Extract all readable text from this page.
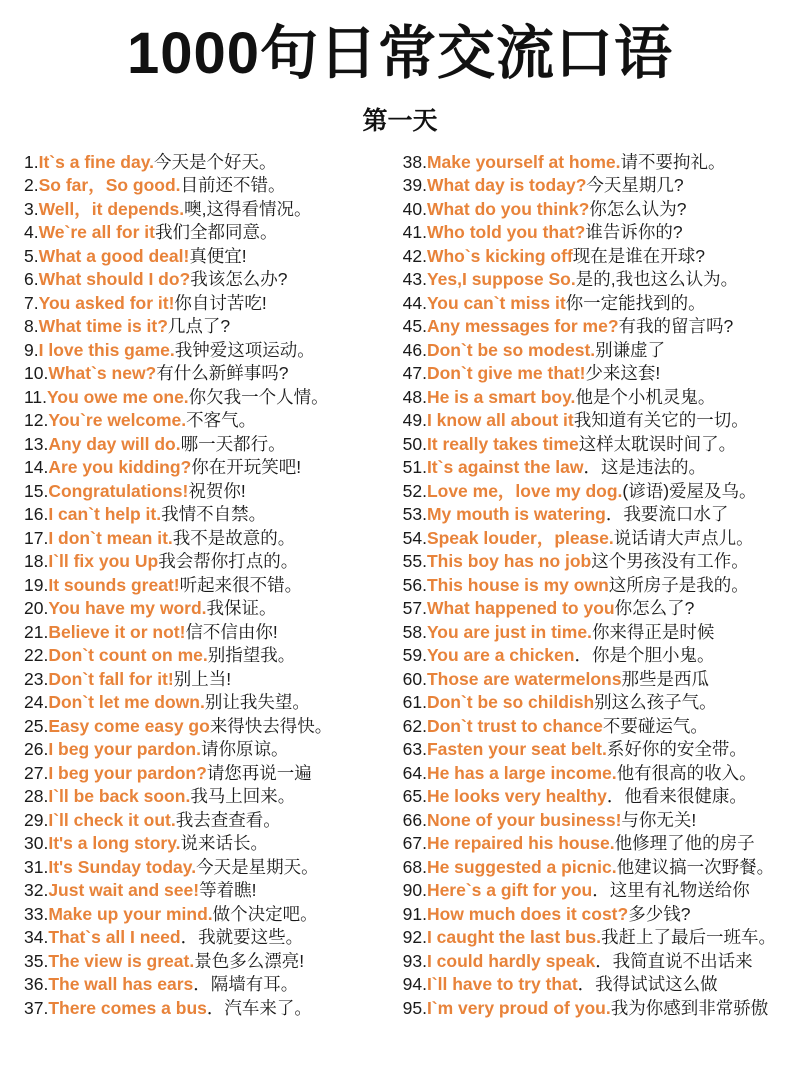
1000句日常交流口语
第一天
1. It`s a fine day. 今天是个好天。
2. So far，So good. 目前还不错。
3. Well，it depends. 噢,这得看情况。
4. We`re all for it 我们全都同意。
5. What a good deal! 真便宜!
6. What should I do? 我该怎么办?
7. You asked for it! 你自讨苦吃!
8. What time is it? 几点了?
9. I love this game. 我钟爱这项运动。
10. What`s new? 有什么新鲜事吗?
11. You owe me one. 你欠我一个人情。
12. You`re welcome. 不客气。
13. Any day will do. 哪一天都行。
14. Are you kidding? 你在开玩笑吧!
15. Congratulations! 祝贺你!
16. I can`t help it. 我情不自禁。
17. I don`t mean it. 我不是故意的。
18. I`ll fix you Up 我会帮你打点的。
19. It sounds great! 听起来很不错。
20. You have my word. 我保证。
21. Believe it or not! 信不信由你!
22. Don`t count on me. 别指望我。
23. Don`t fall for it! 别上当!
24. Don`t let me down. 别让我失望。
25. Easy come easy go 来得快去得快。
26. I beg your pardon. 请你原谅。
27. I beg your pardon? 请您再说一遍
28. I`ll be back soon. 我马上回来。
29. I`ll check it out. 我去查查看。
30. It's a long story. 说来话长。
31. It's Sunday today. 今天是星期天。
32. Just wait and see! 等着瞧!
33. Make up your mind. 做个决定吧。
34. That`s all I need ．我就要这些。
35. The view is great. 景色多么漂亮!
36. The wall has ears ．隔墙有耳。
37. There comes a bus ．汽车来了。
38. Make yourself at home. 请不要拘礼。
39. What day is today? 今天星期几?
40. What do you think? 你怎么认为?
41. Who told you that? 谁告诉你的?
42. Who`s kicking off 现在是谁在开球?
43. Yes,I suppose So. 是的,我也这么认为。
44. You can`t miss it 你一定能找到的。
45. Any messages for me? 有我的留言吗?
46. Don`t be so modest. 别谦虚了
47. Don`t give me that! 少来这套!
48. He is a smart boy. 他是个小机灵鬼。
49. I know all about it 我知道有关它的一切。
50. It really takes time 这样太耽误时间了。
51. It`s against the law ．这是违法的。
52. Love me，love my dog. (谚语)爱屋及乌。
53. My mouth is watering ．我要流口水了
54. Speak louder，please. 说话请大声点儿。
55. This boy has no job 这个男孩没有工作。
56. This house is my own 这所房子是我的。
57. What happened to you 你怎么了?
58. You are just in time. 你来得正是时候
59. You are a chicken ．你是个胆小鬼。
60. Those are watermelons 那些是西瓜
61. Don`t be so childish 别这么孩子气。
62. Don`t trust to chance 不要碰运气。
63. Fasten your seat belt. 系好你的安全带。
64. He has a large income. 他有很高的收入。
65. He looks very healthy ．他看来很健康。
66. None of your business! 与你无关!
67. He repaired his house. 他修理了他的房子
68. He suggested a picnic. 他建议搞一次野餐。
90. Here`s a gift for you ．这里有礼物送给你
91. How much does it cost? 多少钱?
92. I caught the last bus. 我赶上了最后一班车。
93. I could hardly speak ．我简直说不出话来
94. I`ll have to try that ．我得试试这么做
95. I`m very proud of you. 我为你感到非常骄傲
